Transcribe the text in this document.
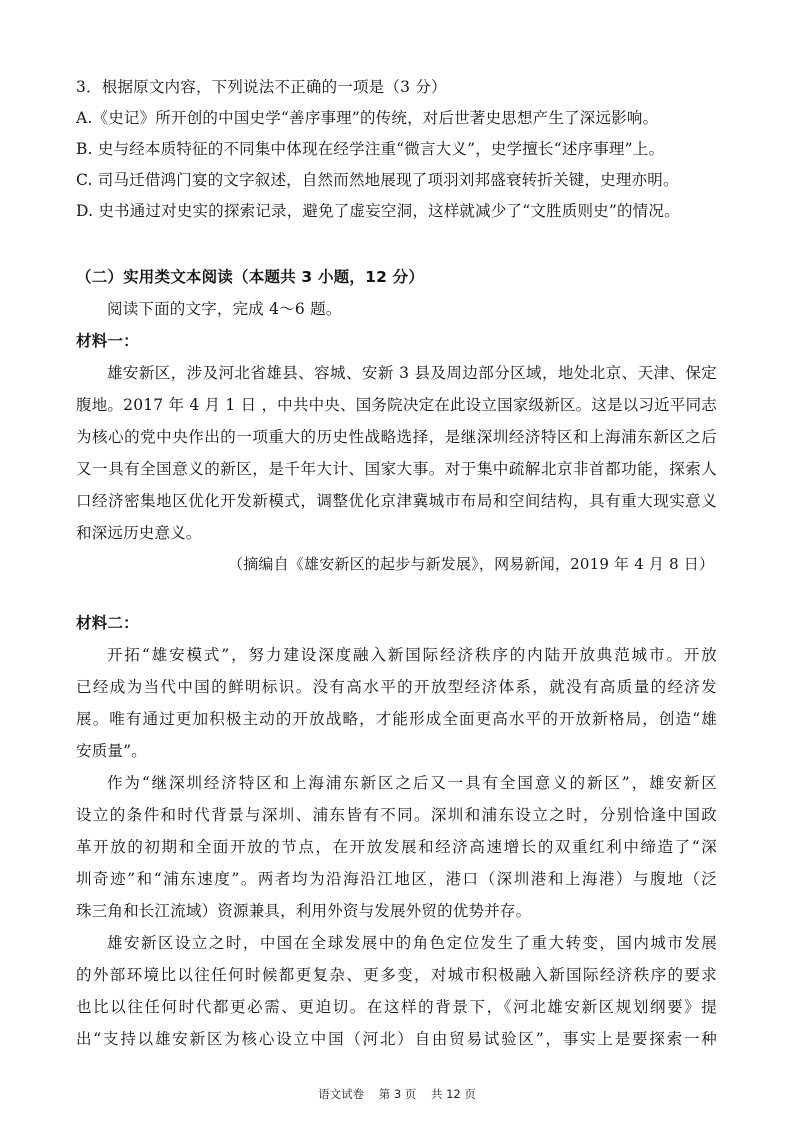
3．根据原文内容，下列说法不正确的一项是（3 分）
A.《史记》所开创的中国史学“善序事理”的传统，对后世著史思想产生了深远影响。
B. 史与经本质特征的不同集中体现在经学注重“微言大义”，史学擅长“述序事理”上。
C. 司马迁借鸿门宴的文字叙述，自然而然地展现了项羽刘邦盛衰转折关键，史理亦明。
D. 史书通过对史实的探索记录，避免了虚妄空洞，这样就减少了“文胜质则史”的情况。
（二）实用类文本阅读（本题共 3 小题，12 分）
阅读下面的文字，完成 4～6 题。
材料一：
雄安新区，涉及河北省雄县、容城、安新 3 县及周边部分区域，地处北京、天津、保定
腹地。2017 年 4 月 1 日 ，中共中央、国务院决定在此设立国家级新区。这是以习近平同志
为核心的党中央作出的一项重大的历史性战略选择，是继深圳经济特区和上海浦东新区之后
又一具有全国意义的新区，是千年大计、国家大事。对于集中疏解北京非首都功能，探索人
口经济密集地区优化开发新模式，调整优化京津冀城市布局和空间结构，具有重大现实意义
和深远历史意义。
（摘编自《雄安新区的起步与新发展》，网易新闻，2019 年 4 月 8 日）
材料二：
开拓“雄安模式”，努力建设深度融入新国际经济秩序的内陆开放典范城市。开放
已经成为当代中国的鲜明标识。没有高水平的开放型经济体系，就没有高质量的经济发
展。唯有通过更加积极主动的开放战略，才能形成全面更高水平的开放新格局，创造“雄
安质量”。
作为“继深圳经济特区和上海浦东新区之后又一具有全国意义的新区”，雄安新区
设立的条件和时代背景与深圳、浦东皆有不同。深圳和浦东设立之时，分别恰逢中国政
革开放的初期和全面开放的节点，在开放发展和经济高速增长的双重红利中缔造了“深
圳奇迹”和“浦东速度”。两者均为沿海沿江地区，港口（深圳港和上海港）与腹地（泛
珠三角和长江流域）资源兼具，利用外资与发展外贸的优势并存。
雄安新区设立之时，中国在全球发展中的角色定位发生了重大转变，国内城市发展
的外部环境比以往任何时候都更复杂、更多变，对城市积极融入新国际经济秩序的要求
也比以往任何时代都更必需、更迫切。在这样的背景下，《河北雄安新区规划纲要》提
出“支持以雄安新区为核心设立中国（河北）自由贸易试验区”，事实上是要探索一种
语文试卷    第 3 页    共 12 页
